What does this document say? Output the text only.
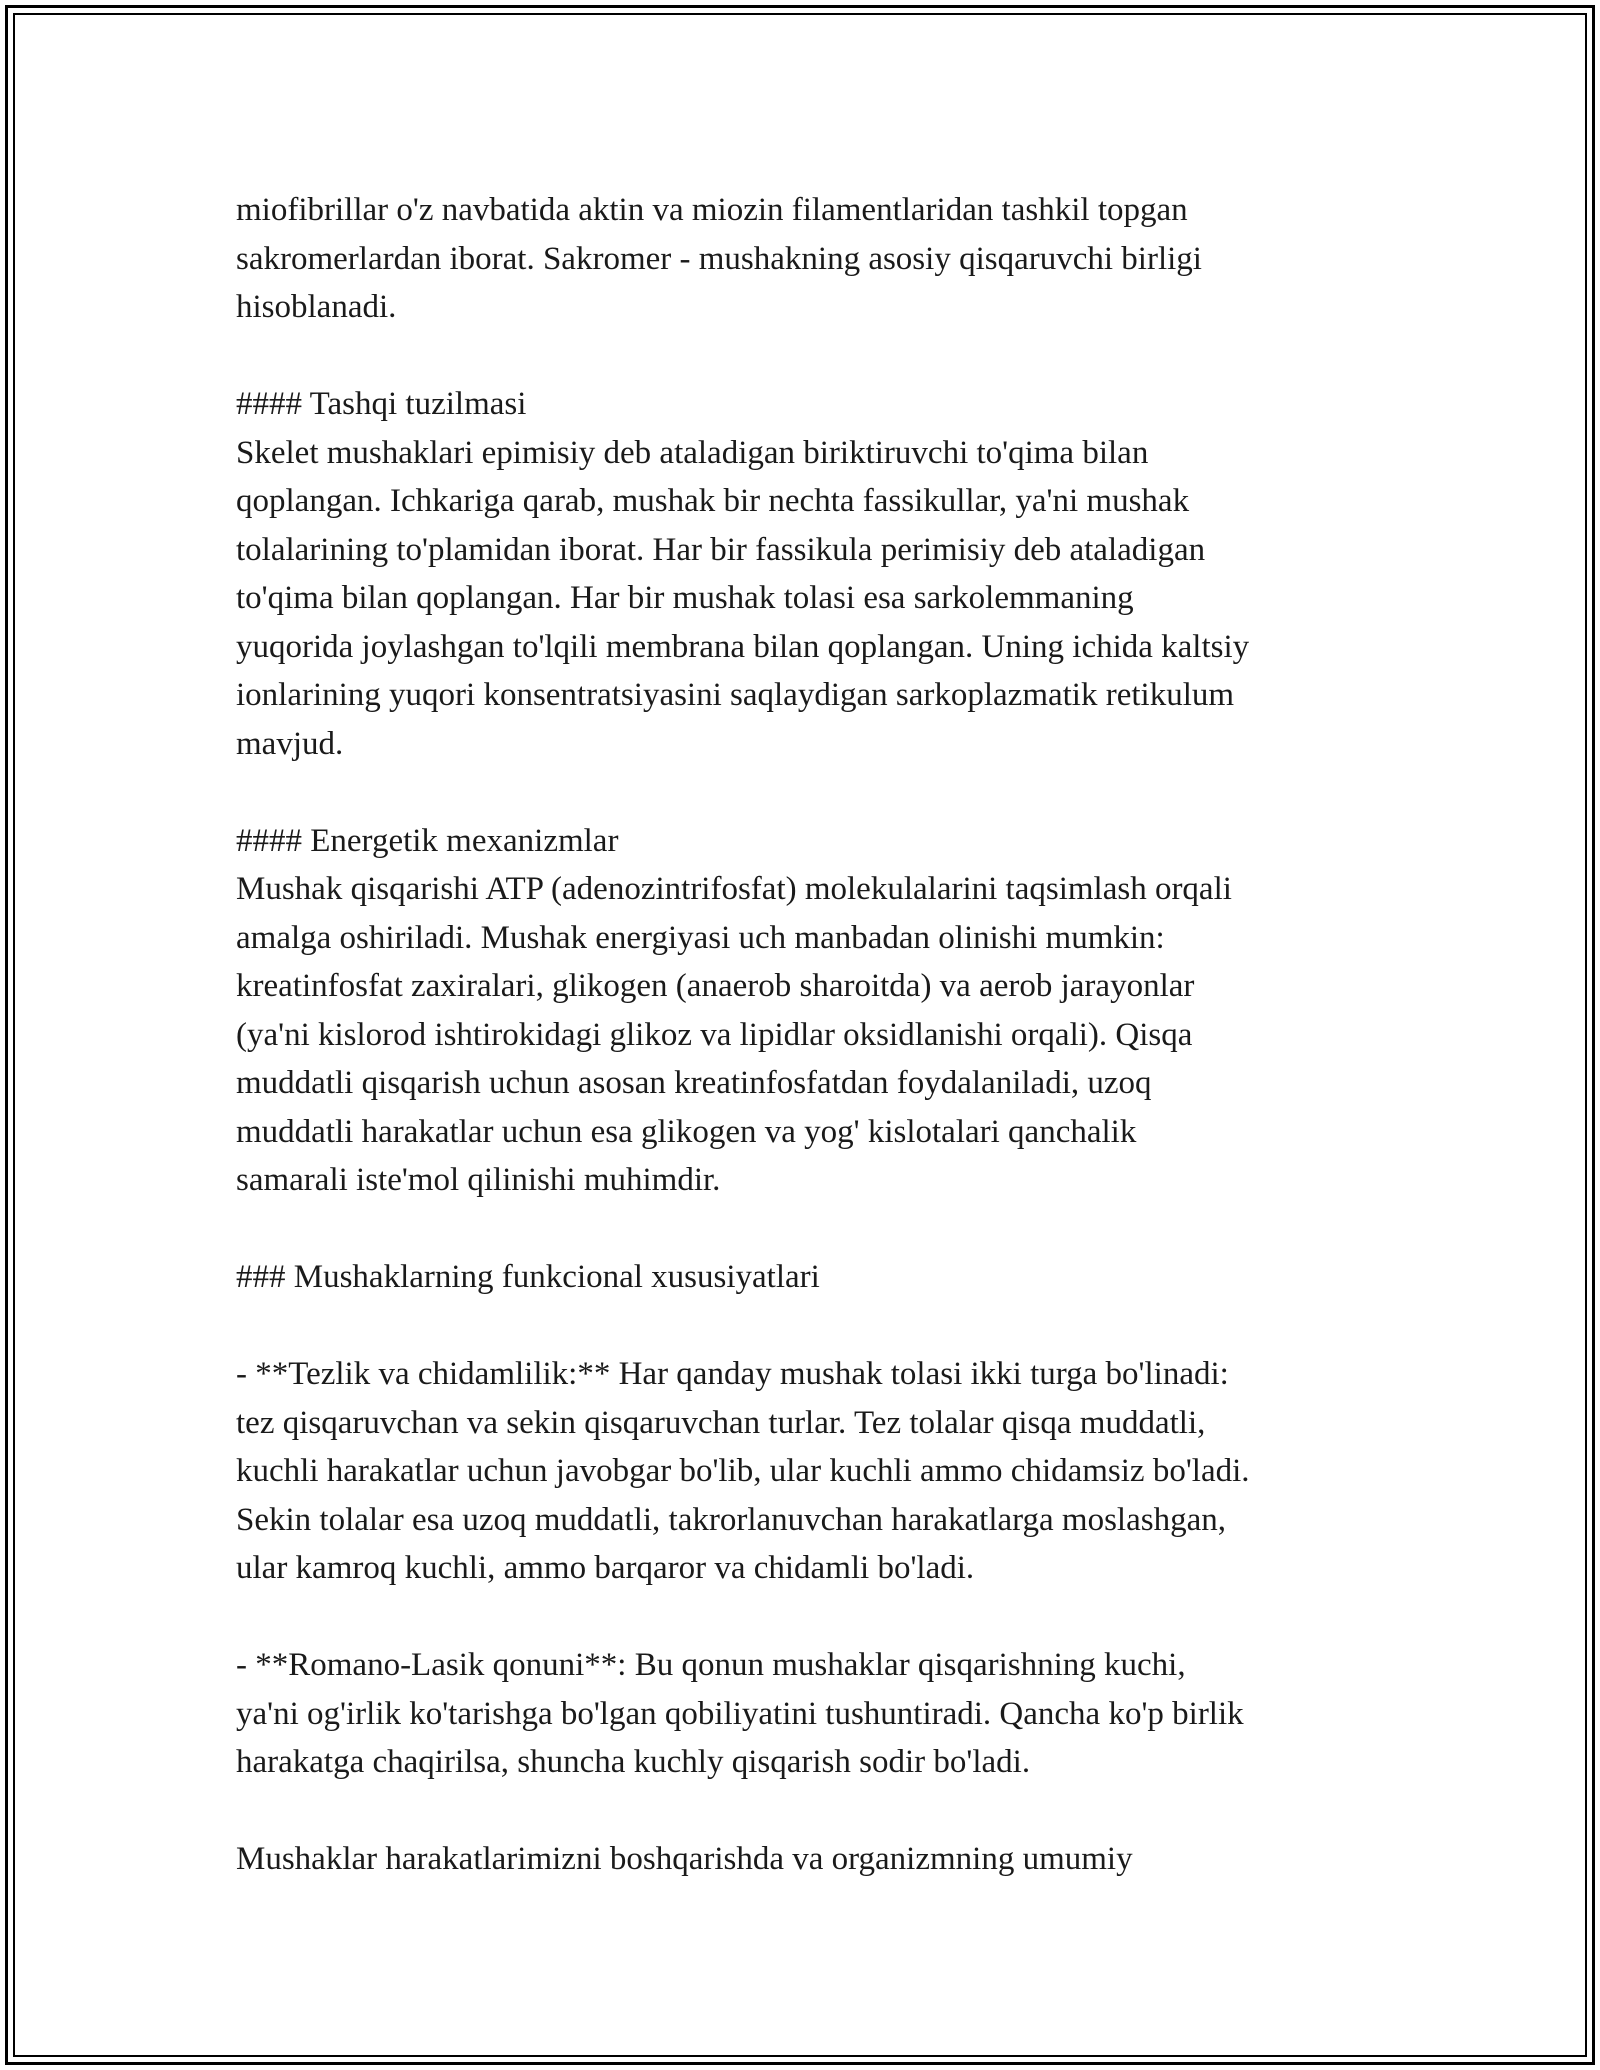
miofibrillar o'z navbatida aktin va miozin filamentlaridan tashkil topgan
sakromerlardan iborat. Sakromer - mushakning asosiy qisqaruvchi birligi
hisoblanadi.

#### Tashqi tuzilmasi
Skelet mushaklari epimisiy deb ataladigan biriktiruvchi to'qima bilan
qoplangan. Ichkariga qarab, mushak bir nechta fassikullar, ya'ni mushak
tolalarining to'plamidan iborat. Har bir fassikula perimisiy deb ataladigan
to'qima bilan qoplangan. Har bir mushak tolasi esa sarkolemmaning
yuqorida joylashgan to'lqili membrana bilan qoplangan. Uning ichida kaltsiy
ionlarining yuqori konsentratsiyasini saqlaydigan sarkoplazmatik retikulum
mavjud.

#### Energetik mexanizmlar
Mushak qisqarishi ATP (adenozintrifosfat) molekulalarini taqsimlash orqali
amalga oshiriladi. Mushak energiyasi uch manbadan olinishi mumkin:
kreatinfosfat zaxiralari, glikogen (anaerob sharoitda) va aerob jarayonlar
(ya'ni kislorod ishtirokidagi glikoz va lipidlar oksidlanishi orqali). Qisqa
muddatli qisqarish uchun asosan kreatinfosfatdan foydalaniladi, uzoq
muddatli harakatlar uchun esa glikogen va yog' kislotalari qanchalik
samarali iste'mol qilinishi muhimdir.

### Mushaklarning funkcional xususiyatlari

- **Tezlik va chidamlilik:** Har qanday mushak tolasi ikki turga bo'linadi:
tez qisqaruvchan va sekin qisqaruvchan turlar. Tez tolalar qisqa muddatli,
kuchli harakatlar uchun javobgar bo'lib, ular kuchli ammo chidamsiz bo'ladi.
Sekin tolalar esa uzoq muddatli, takrorlanuvchan harakatlarga moslashgan,
ular kamroq kuchli, ammo barqaror va chidamli bo'ladi.

- **Romano-Lasik qonuni**: Bu qonun mushaklar qisqarishning kuchi,
ya'ni og'irlik ko'tarishga bo'lgan qobiliyatini tushuntiradi. Qancha ko'p birlik
harakatga chaqirilsa, shuncha kuchly qisqarish sodir bo'ladi.

Mushaklar harakatlarimizni boshqarishda va organizmning umumiy
